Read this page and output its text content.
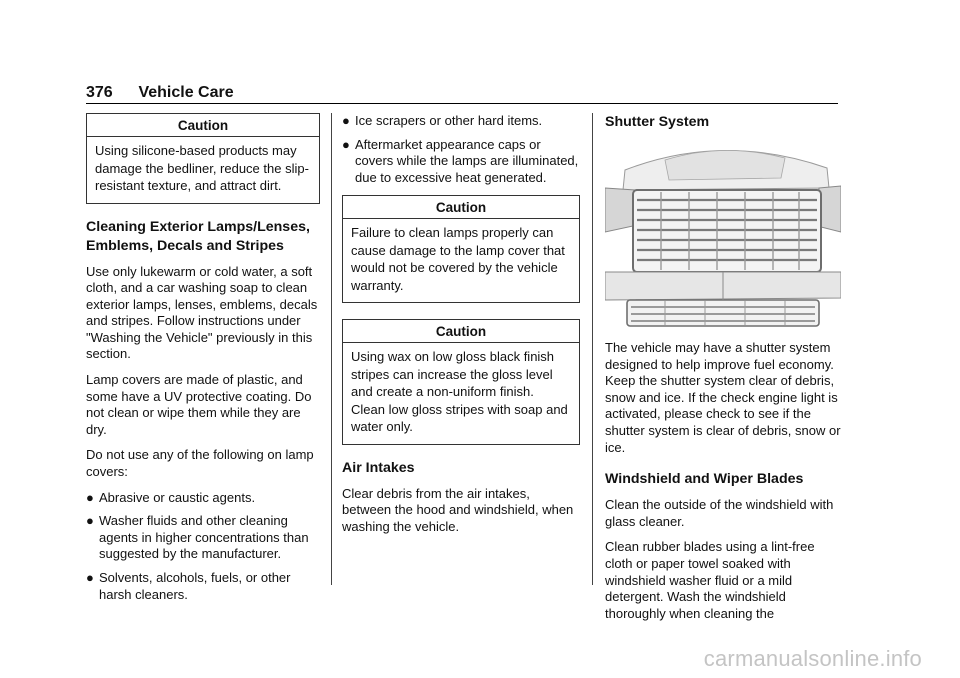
376 Vehicle Care
Caution
Using silicone-based products may damage the bedliner, reduce the slip-resistant texture, and attract dirt.
Cleaning Exterior Lamps/Lenses, Emblems, Decals and Stripes

Use only lukewarm or cold water, a soft cloth, and a car washing soap to clean exterior lamps, lenses, emblems, decals and stripes. Follow instructions under "Washing the Vehicle" previously in this section.

Lamp covers are made of plastic, and some have a UV protective coating. Do not clean or wipe them while they are dry.

Do not use any of the following on lamp covers:

● Abrasive or caustic agents.
● Washer fluids and other cleaning agents in higher concentrations than suggested by the manufacturer.
● Solvents, alcohols, fuels, or other harsh cleaners.
● Ice scrapers or other hard items.
● Aftermarket appearance caps or covers while the lamps are illuminated, due to excessive heat generated.
Caution
Failure to clean lamps properly can cause damage to the lamp cover that would not be covered by the vehicle warranty.
Caution
Using wax on low gloss black finish stripes can increase the gloss level and create a non-uniform finish. Clean low gloss stripes with soap and water only.
Air Intakes

Clear debris from the air intakes, between the hood and windshield, when washing the vehicle.

Shutter System

The vehicle may have a shutter system designed to help improve fuel economy. Keep the shutter system clear of debris, snow and ice. If the check engine light is activated, please check to see if the shutter system is clear of debris, snow or ice.

Windshield and Wiper Blades

Clean the outside of the windshield with glass cleaner.

Clean rubber blades using a lint-free cloth or paper towel soaked with windshield washer fluid or a mild detergent. Wash the windshield thoroughly when cleaning the

carmanualsonline.info
